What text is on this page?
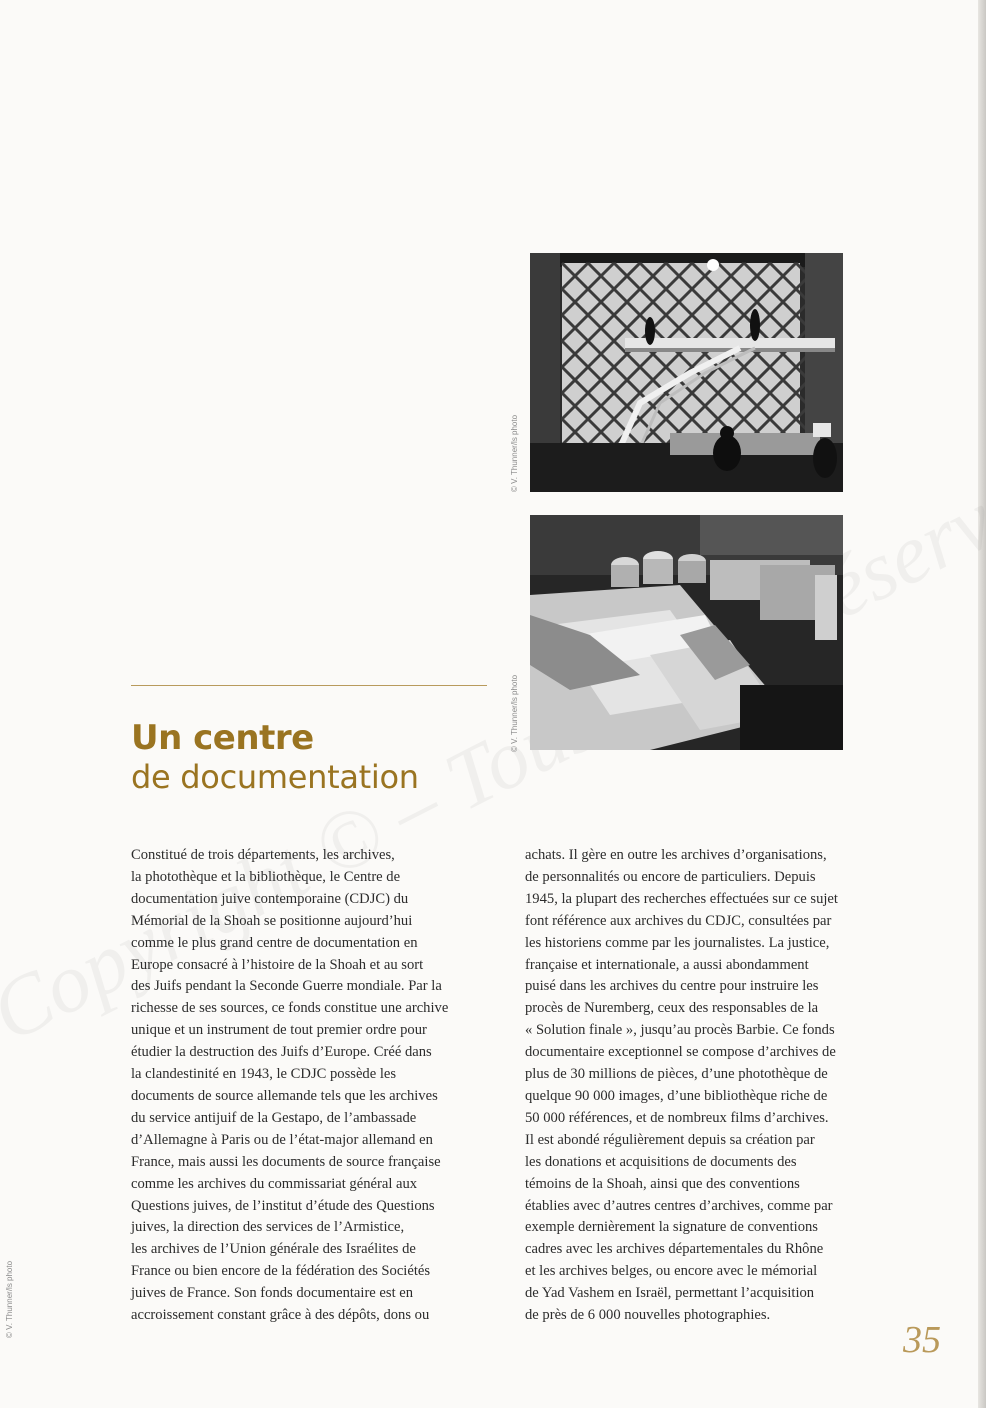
© V. Thunner/ls photo
© V. Thunner/ls photo
Un centre
de documentation

Constitué de trois départements, les archives,

la photothèque et la bibliothèque, le Centre de

documentation juive contemporaine (CDJC) du

Mémorial de la Shoah se positionne aujourd’hui

comme le plus grand centre de documentation en

Europe consacré à l’histoire de la Shoah et au sort

des Juifs pendant la Seconde Guerre mondiale. Par la

richesse de ses sources, ce fonds constitue une archive

unique et un instrument de tout premier ordre pour

étudier la destruction des Juifs d’Europe. Créé dans

la clandestinité en 1943, le CDJC possède les

documents de source allemande tels que les archives

du service antijuif de la Gestapo, de l’ambassade

d’Allemagne à Paris ou de l’état-major allemand en

France, mais aussi les documents de source française

comme les archives du commissariat général aux

Questions juives, de l’institut d’étude des Questions

juives, la direction des services de l’Armistice,

les archives de l’Union générale des Israélites de

France ou bien encore de la fédération des Sociétés

juives de France. Son fonds documentaire est en

accroissement constant grâce à des dépôts, dons ou

achats. Il gère en outre les archives d’organisations,

de personnalités ou encore de particuliers. Depuis

1945, la plupart des recherches effectuées sur ce sujet

font référence aux archives du CDJC, consultées par

les historiens comme par les journalistes. La justice,

française et internationale, a aussi abondamment

puisé dans les archives du centre pour instruire les

procès de Nuremberg, ceux des responsables de la

« Solution finale », jusqu’au procès Barbie. Ce fonds

documentaire exceptionnel se compose d’archives de

plus de 30 millions de pièces, d’une photothèque de

quelque 90 000 images, d’une bibliothèque riche de

50 000 références, et de nombreux films d’archives.

Il est abondé régulièrement depuis sa création par

les donations et acquisitions de documents des

témoins de la Shoah, ainsi que des conventions

établies avec d’autres centres d’archives, comme par

exemple dernièrement la signature de conventions

cadres avec les archives départementales du Rhône

et les archives belges, ou encore avec le mémorial

de Yad Vashem en Israël, permettant l’acquisition

de près de 6 000 nouvelles photographies.

© V. Thunner/ls photo
35
